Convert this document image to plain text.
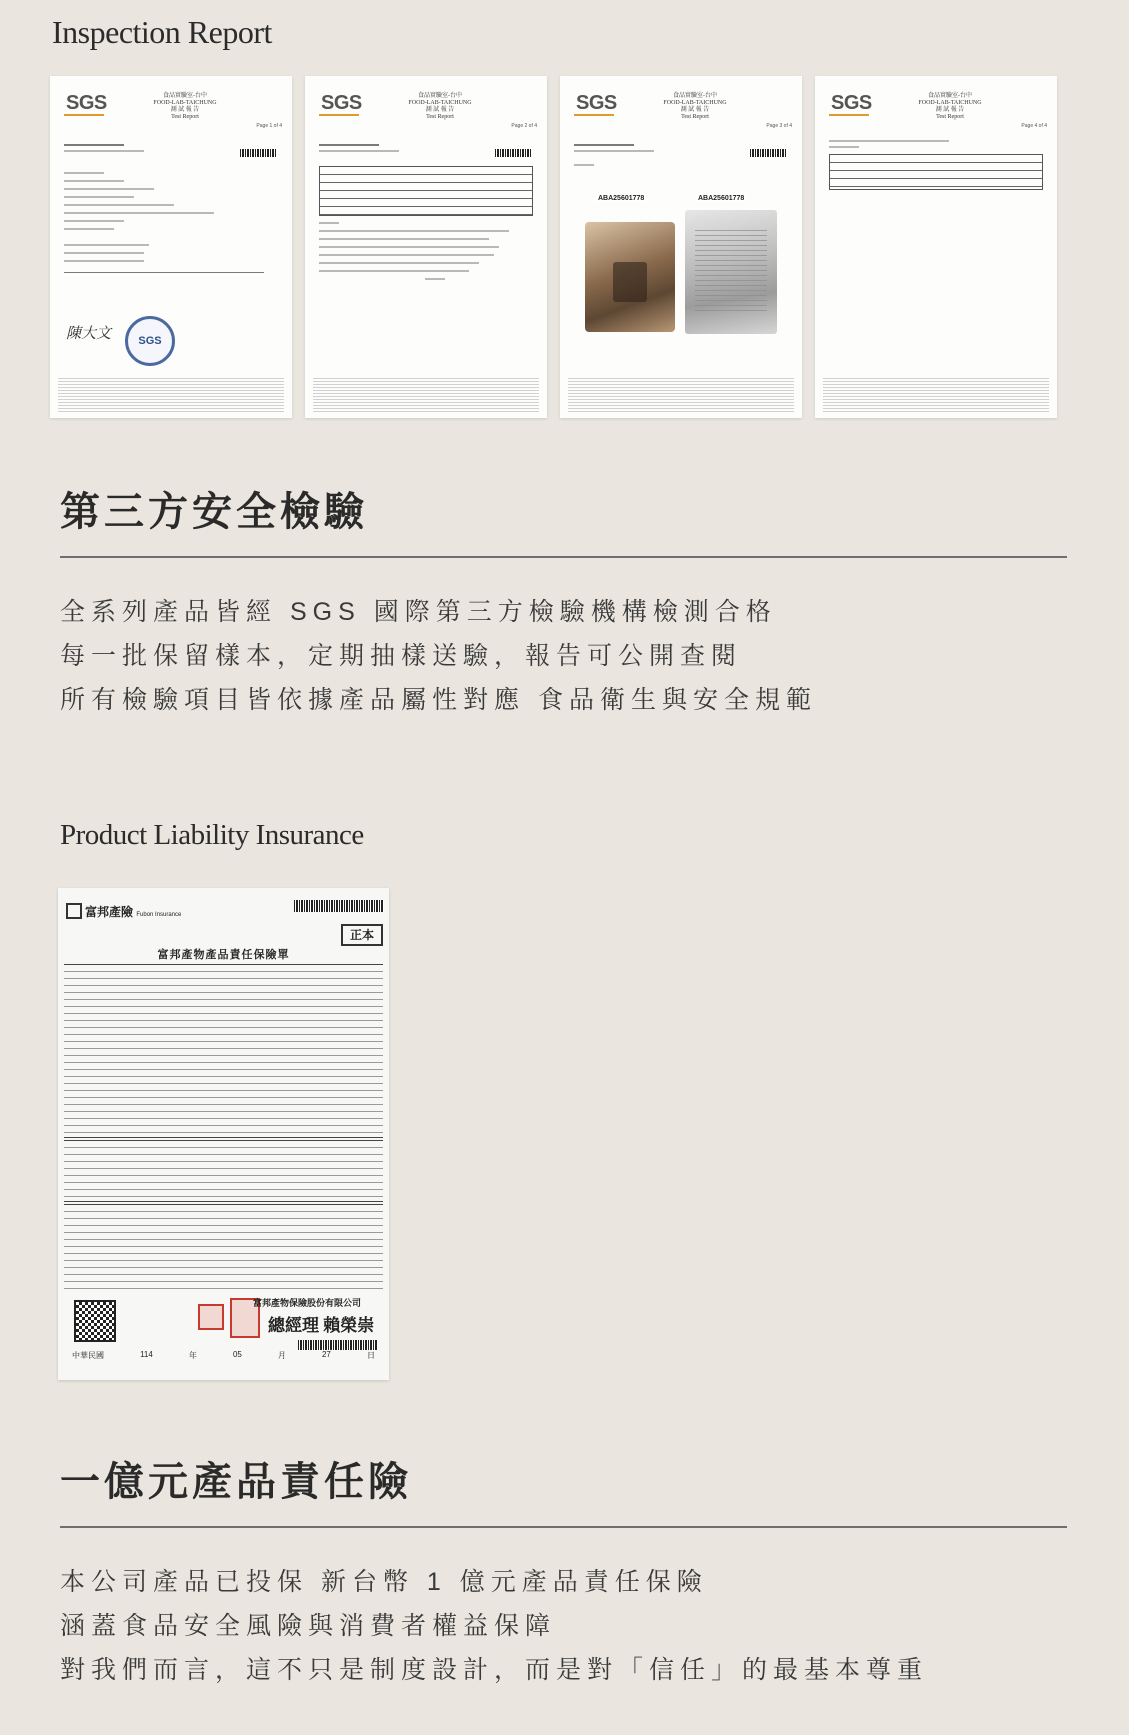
Inspection Report
SGS	食品實驗室-台中
FOOD-LAB-TAICHUNG
測 試 報 告
Test Report
Page 1 of 4
陳大文	SGS
SGS	食品實驗室-台中
FOOD-LAB-TAICHUNG
測 試 報 告
Test Report
Page 2 of 4
SGS	食品實驗室-台中
FOOD-LAB-TAICHUNG
測 試 報 告
Test Report
Page 3 of 4
ABA25601778	ABA25601778
SGS	食品實驗室-台中
FOOD-LAB-TAICHUNG
測 試 報 告
Test Report
Page 4 of 4
第三方安全檢驗
全系列產品皆經 SGS 國際第三方檢驗機構檢測合格
每一批保留樣本，定期抽樣送驗，報告可公開查閱
所有檢驗項目皆依據產品屬性對應 食品衛生與安全規範
Product Liability Insurance
富邦產險 Fubon Insurance
正本
富邦產物產品責任保險單
富邦產物保險股份有限公司
總經理 賴榮崇
中華民國	114	年	05	月	27	日
一億元產品責任險
本公司產品已投保 新台幣 1 億元產品責任保險
涵蓋食品安全風險與消費者權益保障
對我們而言，這不只是制度設計，而是對「信任」的最基本尊重
